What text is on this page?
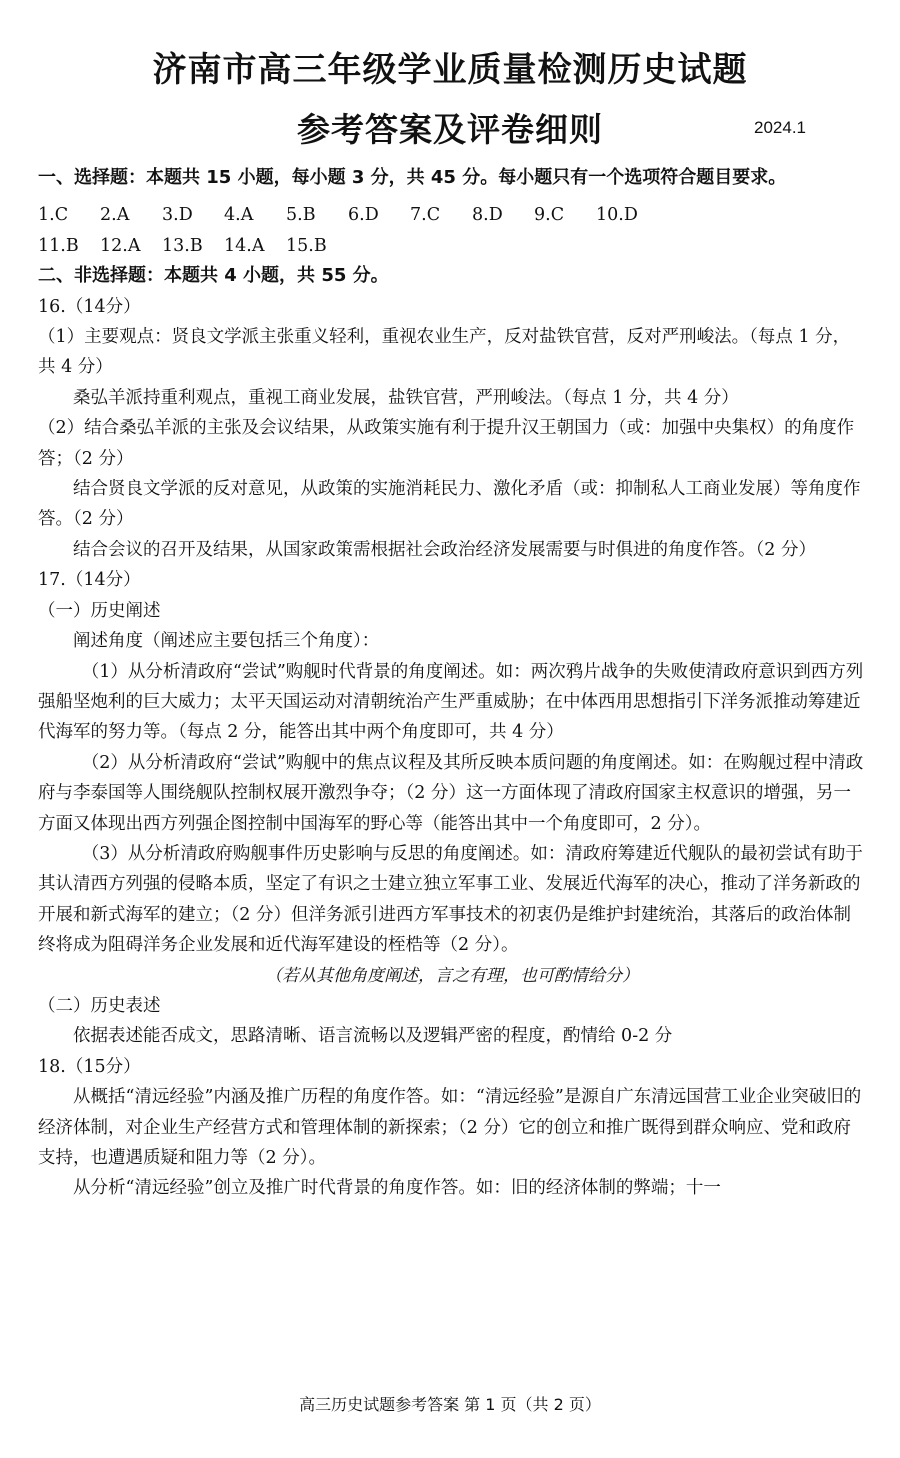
济南市高三年级学业质量检测历史试题
参考答案及评卷细则	2024.1

一、选择题：本题共 15 小题，每小题 3 分，共 45 分。每小题只有一个选项符合题目要求。

1.C	2.A	3.D	4.A	5.B	6.D	7.C	8.D	9.C	10.D
11.B	12.A	13.B	14.A	15.B

二、非选择题：本题共 4 小题，共 55 分。

16.（14分）

（1）主要观点：贤良文学派主张重义轻利，重视农业生产，反对盐铁官营，反对严刑峻法。（每点 1 分，共 4 分）

桑弘羊派持重利观点，重视工商业发展，盐铁官营，严刑峻法。（每点 1 分，共 4 分）

（2）结合桑弘羊派的主张及会议结果，从政策实施有利于提升汉王朝国力（或：加强中央集权）的角度作答；（2 分）

结合贤良文学派的反对意见，从政策的实施消耗民力、激化矛盾（或：抑制私人工商业发展）等角度作答。（2 分）

结合会议的召开及结果，从国家政策需根据社会政治经济发展需要与时俱进的角度作答。（2 分）

17.（14分）

（一）历史阐述

阐述角度（阐述应主要包括三个角度）：

（1）从分析清政府“尝试”购舰时代背景的角度阐述。如：两次鸦片战争的失败使清政府意识到西方列强船坚炮利的巨大威力；太平天国运动对清朝统治产生严重威胁；在中体西用思想指引下洋务派推动筹建近代海军的努力等。（每点 2 分，能答出其中两个角度即可，共 4 分）

（2）从分析清政府“尝试”购舰中的焦点议程及其所反映本质问题的角度阐述。如：在购舰过程中清政府与李泰国等人围绕舰队控制权展开激烈争夺；（2 分）这一方面体现了清政府国家主权意识的增强，另一方面又体现出西方列强企图控制中国海军的野心等（能答出其中一个角度即可，2 分）。

（3）从分析清政府购舰事件历史影响与反思的角度阐述。如：清政府筹建近代舰队的最初尝试有助于其认清西方列强的侵略本质，坚定了有识之士建立独立军事工业、发展近代海军的决心，推动了洋务新政的开展和新式海军的建立；（2 分）但洋务派引进西方军事技术的初衷仍是维护封建统治，其落后的政治体制终将成为阻碍洋务企业发展和近代海军建设的桎梏等（2 分）。

（若从其他角度阐述，言之有理，也可酌情给分）

（二）历史表述

依据表述能否成文，思路清晰、语言流畅以及逻辑严密的程度，酌情给 0-2 分

18.（15分）

从概括“清远经验”内涵及推广历程的角度作答。如：“清远经验”是源自广东清远国营工业企业突破旧的经济体制，对企业生产经营方式和管理体制的新探索；（2 分）它的创立和推广既得到群众响应、党和政府支持，也遭遇质疑和阻力等（2 分）。

从分析“清远经验”创立及推广时代背景的角度作答。如：旧的经济体制的弊端；十一

高三历史试题参考答案 第 1 页（共 2 页）
